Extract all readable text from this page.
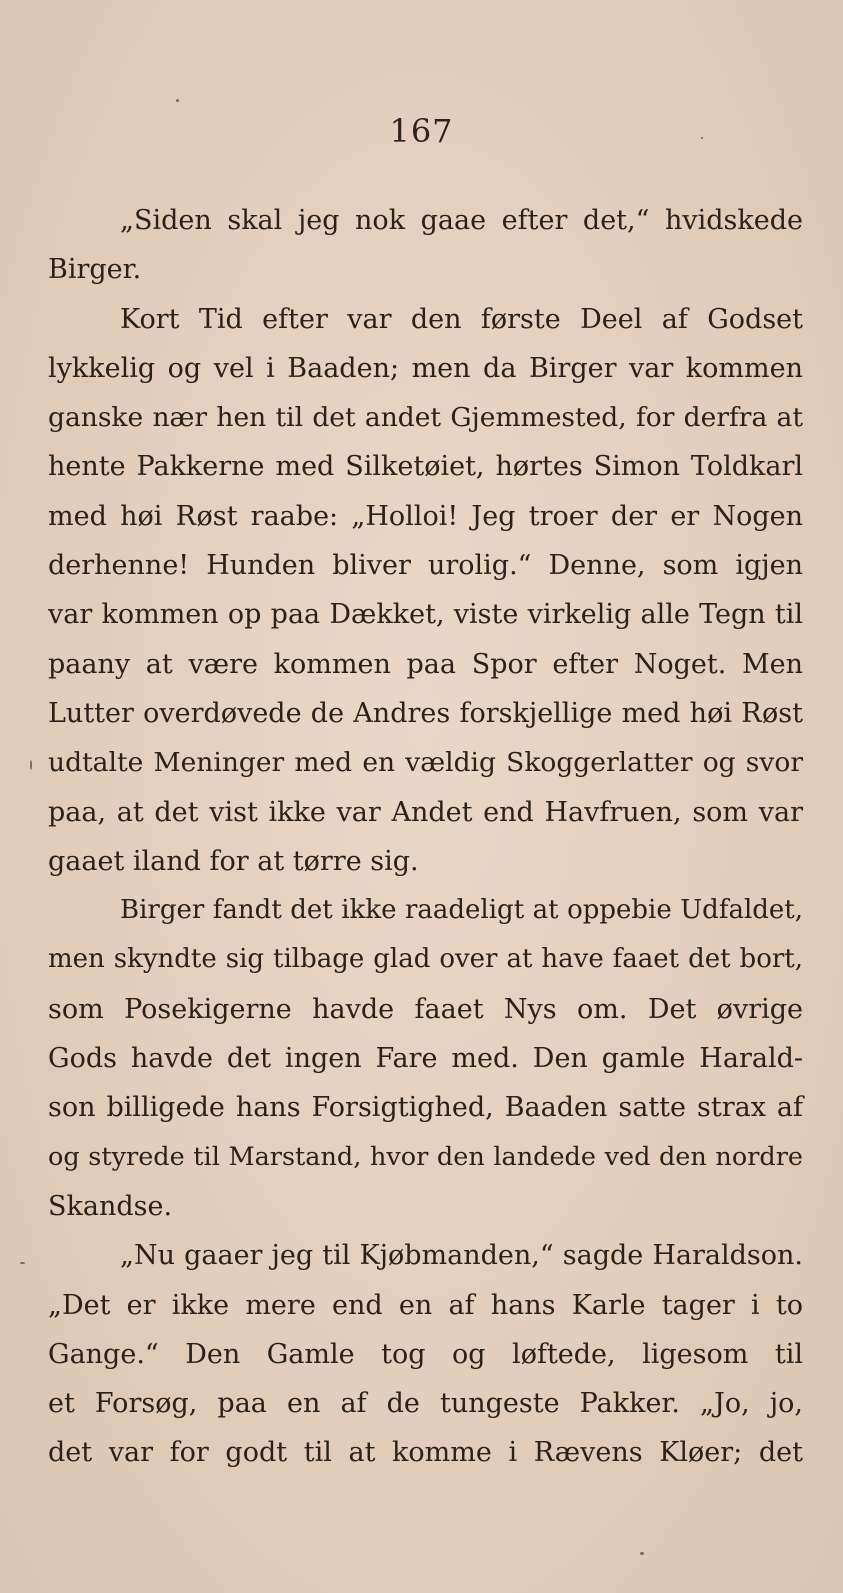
167
„Siden skal jeg nok gaae efter det,“ hvidskede
Birger.
Kort Tid efter var den første Deel af Godset
lykkelig og vel i Baaden; men da Birger var kommen
ganske nær hen til det andet Gjemmested, for derfra at
hente Pakkerne med Silketøiet, hørtes Simon Toldkarl
med høi Røst raabe: „Holloi! Jeg troer der er Nogen
derhenne! Hunden bliver urolig.“ Denne, som igjen
var kommen op paa Dækket, viste virkelig alle Tegn til
paany at være kommen paa Spor efter Noget. Men
Lutter overdøvede de Andres forskjellige med høi Røst
udtalte Meninger med en vældig Skoggerlatter og svor
paa, at det vist ikke var Andet end Havfruen, som var
gaaet iland for at tørre sig.
Birger fandt det ikke raadeligt at oppebie Udfaldet,
men skyndte sig tilbage glad over at have faaet det bort,
som Posekigerne havde faaet Nys om. Det øvrige
Gods havde det ingen Fare med. Den gamle Harald-
son billigede hans Forsigtighed, Baaden satte strax af
og styrede til Marstand, hvor den landede ved den nordre
Skandse.
„Nu gaaer jeg til Kjøbmanden,“ sagde Haraldson.
„Det er ikke mere end en af hans Karle tager i to
Gange.“ Den Gamle tog og løftede, ligesom til
et Forsøg, paa en af de tungeste Pakker. „Jo, jo,
det var for godt til at komme i Rævens Kløer; det
